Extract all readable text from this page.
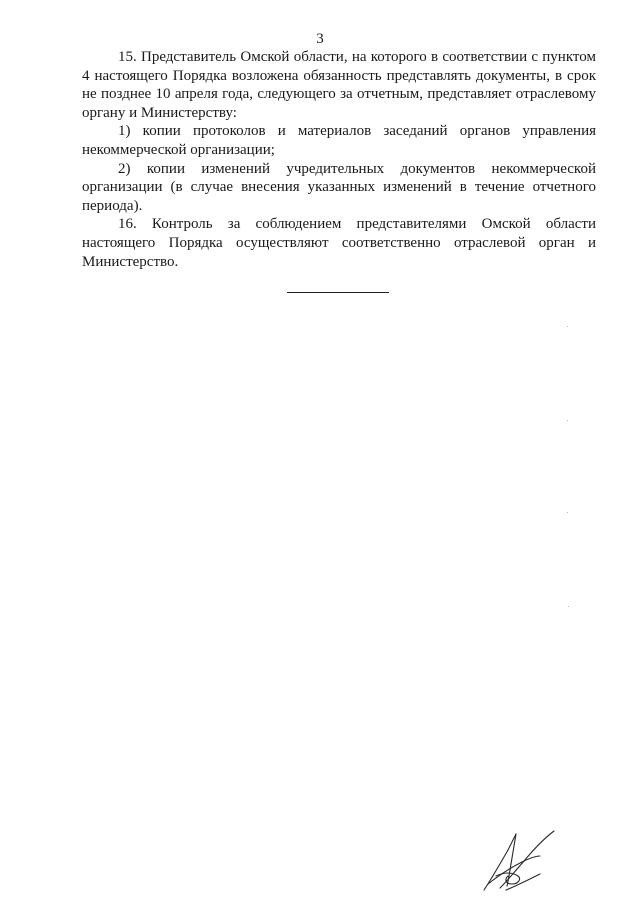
3

15. Представитель Омской области, на которого в соответствии с пунктом 4 настоящего Порядка возложена обязанность представлять документы, в срок не позднее 10 апреля года, следующего за отчетным, представляет отраслевому органу и Министерству:

1) копии протоколов и материалов заседаний органов управления некоммерческой организации;

2) копии изменений учредительных документов некоммерческой организации (в случае внесения указанных изменений в течение отчетного периода).

16. Контроль за соблюдением представителями Омской области настоящего Порядка осуществляют соответственно отраслевой орган и Министерство.
